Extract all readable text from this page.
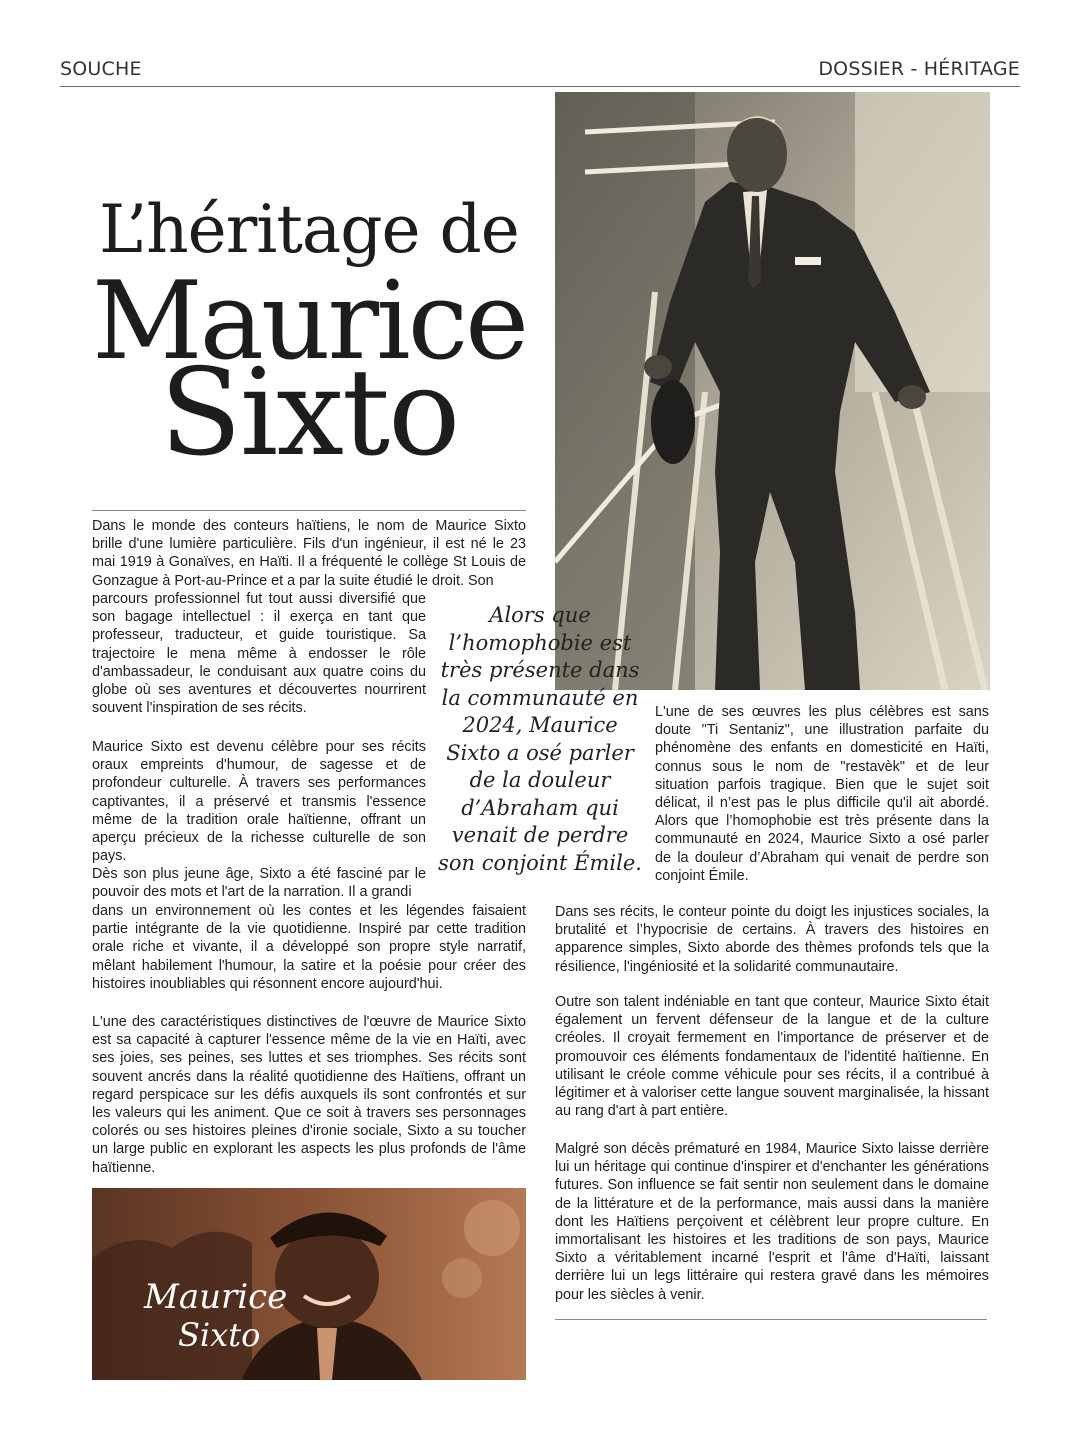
SOUCHE	DOSSIER - HÉRITAGE
L’héritage de
Maurice
Sixto

Dans le monde des conteurs haïtiens, le nom de Maurice Sixto brille d'une lumière particulière. Fils d'un ingénieur, il est né le 23 mai 1919 à Gonaïves, en Haïti. Il a fréquenté le collège St Louis de Gonzague à Port-au-Prince et a par la suite étudié le droit. Son

parcours professionnel fut tout aussi diversifié que son bagage intellectuel : il exerça en tant que professeur, traducteur, et guide touristique. Sa trajectoire le mena même à endosser le rôle d'ambassadeur, le conduisant aux quatre coins du globe où ses aventures et découvertes nourrirent souvent l'inspiration de ses récits.

Maurice Sixto est devenu célèbre pour ses récits oraux empreints d'humour, de sagesse et de profondeur culturelle. À travers ses performances captivantes, il a préservé et transmis l'essence même de la tradition orale haïtienne, offrant un aperçu précieux de la richesse culturelle de son pays.

Dès son plus jeune âge, Sixto a été fasciné par le pouvoir des mots et l'art de la narration. Il a grandi

dans un environnement où les contes et les légendes faisaient partie intégrante de la vie quotidienne. Inspiré par cette tradition orale riche et vivante, il a développé son propre style narratif, mêlant habilement l'humour, la satire et la poésie pour créer des histoires inoubliables qui résonnent encore aujourd'hui.

L'une des caractéristiques distinctives de l'œuvre de Maurice Sixto est sa capacité à capturer l'essence même de la vie en Haïti, avec ses joies, ses peines, ses luttes et ses triomphes. Ses récits sont souvent ancrés dans la réalité quotidienne des Haïtiens, offrant un regard perspicace sur les défis auxquels ils sont confrontés et sur les valeurs qui les animent. Que ce soit à travers ses personnages colorés ou ses histoires pleines d'ironie sociale, Sixto a su toucher un large public en explorant les aspects les plus profonds de l'âme haïtienne.

Alors que l’homophobie est très présente dans la communauté en 2024, Maurice Sixto a osé parler de la douleur d’Abraham qui venait de perdre son conjoint Émile.

L'une de ses œuvres les plus célèbres est sans doute "Ti Sentaniz", une illustration parfaite du phénomène des enfants en domesticité en Haïti, connus sous le nom de "restavèk" et de leur situation parfois tragique. Bien que le sujet soit délicat, il n’est pas le plus difficile qu'il ait abordé. Alors que l’homophobie est très présente dans la communauté en 2024, Maurice Sixto a osé parler de la douleur d’Abraham qui venait de perdre son conjoint Émile.

Dans ses récits, le conteur pointe du doigt les injustices sociales, la brutalité et l’hypocrisie de certains. À travers des histoires en apparence simples, Sixto aborde des thèmes profonds tels que la résilience, l'ingéniosité et la solidarité communautaire.

Outre son talent indéniable en tant que conteur, Maurice Sixto était également un fervent défenseur de la langue et de la culture créoles. Il croyait fermement en l'importance de préserver et de promouvoir ces éléments fondamentaux de l'identité haïtienne. En utilisant le créole comme véhicule pour ses récits, il a contribué à légitimer et à valoriser cette langue souvent marginalisée, la hissant au rang d'art à part entière.

Malgré son décès prématuré en 1984, Maurice Sixto laisse derrière lui un héritage qui continue d'inspirer et d'enchanter les générations futures. Son influence se fait sentir non seulement dans le domaine de la littérature et de la performance, mais aussi dans la manière dont les Haïtiens perçoivent et célèbrent leur propre culture. En immortalisant les histoires et les traditions de son pays, Maurice Sixto a véritablement incarné l'esprit et l'âme d'Haïti, laissant derrière lui un legs littéraire qui restera gravé dans les mémoires pour les siècles à venir.

Maurice
Sixto
